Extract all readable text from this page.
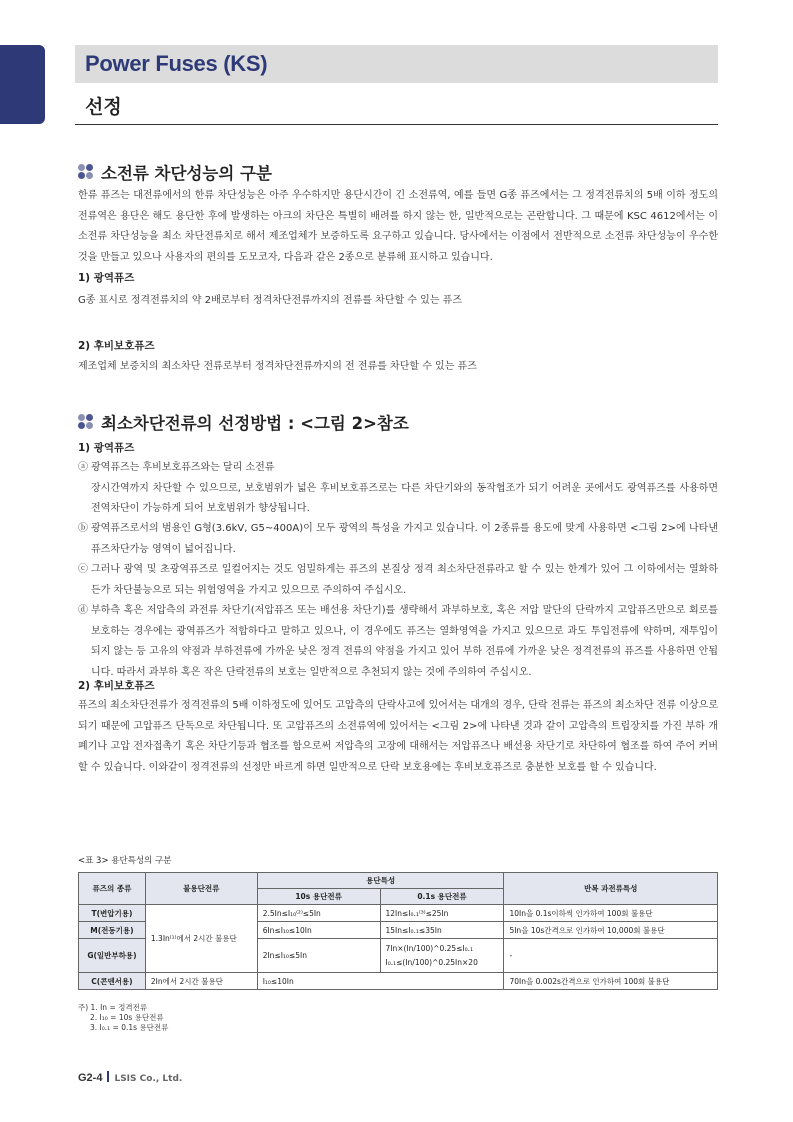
Power Fuses (KS)
선정
소전류 차단성능의 구분
한류 퓨즈는 대전류에서의 한류 차단성능은 아주 우수하지만 용단시간이 긴 소전류역, 예를 들면 G종 퓨즈에서는 그 정격전류치의 5배 이하 정도의 전류역은 용단은 해도 용단한 후에 발생하는 아크의 차단은 특별히 배려를 하지 않는 한, 일반적으로는 곤란합니다. 그 때문에 KSC 4612에서는 이 소전류 차단성능을 최소 차단전류치로 해서 제조업체가 보증하도록 요구하고 있습니다. 당사에서는 이점에서 전반적으로 소전류 차단성능이 우수한 것을 만들고 있으나 사용자의 편의를 도모코자, 다음과 같은 2종으로 분류해 표시하고 있습니다.
1) 광역퓨즈
G종 표시로 정격전류치의 약 2배로부터 정격차단전류까지의 전류를 차단할 수 있는 퓨즈
2) 후비보호퓨즈
제조업체 보증치의 최소차단 전류로부터 정격차단전류까지의 전 전류를 차단할 수 있는 퓨즈
최소차단전류의 선정방법 : <그림 2>참조
1) 광역퓨즈
ⓐ 광역퓨즈는 후비보호퓨즈와는 달리 소전류
장시간역까지 차단할 수 있으므로, 보호범위가 넓은 후비보호퓨즈로는 다른 차단기와의 동작협조가 되기 어려운 곳에서도 광역퓨즈를 사용하면 전역차단이 가능하게 되어 보호범위가 향상됩니다.
ⓑ 광역퓨즈로서의 범용인 G형(3.6kV, G5~400A)이 모두 광역의 특성을 가지고 있습니다. 이 2종류를 용도에 맞게 사용하면 <그림 2>에 나타낸 퓨즈차단가능 영역이 넓어집니다.
ⓒ 그러나 광역 및 초광역퓨즈로 일컬어지는 것도 엄밀하게는 퓨즈의 본질상 정격 최소차단전류라고 할 수 있는 한계가 있어 그 이하에서는 열화하든가 차단불능으로 되는 위험영역을 가지고 있으므로 주의하여 주십시오.
ⓓ 부하측 혹은 저압측의 과전류 차단기(저압퓨즈 또는 배선용 차단기)를 생략해서 과부하보호, 혹은 저압 말단의 단락까지 고압퓨즈만으로 회로를 보호하는 경우에는 광역퓨즈가 적합하다고 말하고 있으나, 이 경우에도 퓨즈는 열화영역을 가지고 있으므로 과도 투입전류에 약하며, 재투입이 되지 않는 등 고유의 약점과 부하전류에 가까운 낮은 정격 전류의 약점을 가지고 있어 부하 전류에 가까운 낮은 정격전류의 퓨즈를 사용하면 안됩니다. 따라서 과부하 혹은 작은 단락전류의 보호는 일반적으로 추천되지 않는 것에 주의하여 주십시오.
2) 후비보호퓨즈
퓨즈의 최소차단전류가 정격전류의 5배 이하정도에 있어도 고압측의 단락사고에 있어서는 대개의 경우, 단락 전류는 퓨즈의 최소차단 전류 이상으로 되기 때문에 고압퓨즈 단독으로 차단됩니다. 또 고압퓨즈의 소전류역에 있어서는 <그림 2>에 나타낸 것과 같이 고압측의 트립장치를 가진 부하 개폐기나 고압 전자접촉기 혹은 차단기등과 협조를 함으로써 저압측의 고장에 대해서는 저압퓨즈나 배선용 차단기로 차단하여 협조를 하여 주어 커버할 수 있습니다. 이와같이 정격전류의 선정만 바르게 하면 일반적으로 단락 보호용에는 후비보호퓨즈로 충분한 보호를 할 수 있습니다.
<표 3> 용단특성의 구분
퓨즈의 종류	불용단전류	용단특성		반복 과전류특성
		10s 용단전류	0.1s 용단전류	
T(변압기용)	1.3In⁽¹⁾에서 2시간 불용단	2.5In≤I₁₀⁽²⁾≤5In	12In≤I₀.₁⁽³⁾≤25In	10In을 0.1s이하씩 인가하여 100회 불용단
M(전동기용)		6In≤I₁₀≤10In	15In≤I₀.₁≤35In	5In을 10s간격으로 인가하여 10,000회 불용단
G(일반부하용)		2In≤I₁₀≤5In	7In×(In/100)^0.25≤I₀.₁
I₀.₁≤(In/100)^0.25In×20	-
C(콘덴서용)	2In에서 2시간 불용단	I₁₀≤10In		70In을 0.002s간격으로 인가하여 100회 불용단
주) 1. In = 정격전류
2. I₁₀ = 10s 용단전류
3. I₀.₁ = 0.1s 용단전류
G2-4 LSIS Co., Ltd.
